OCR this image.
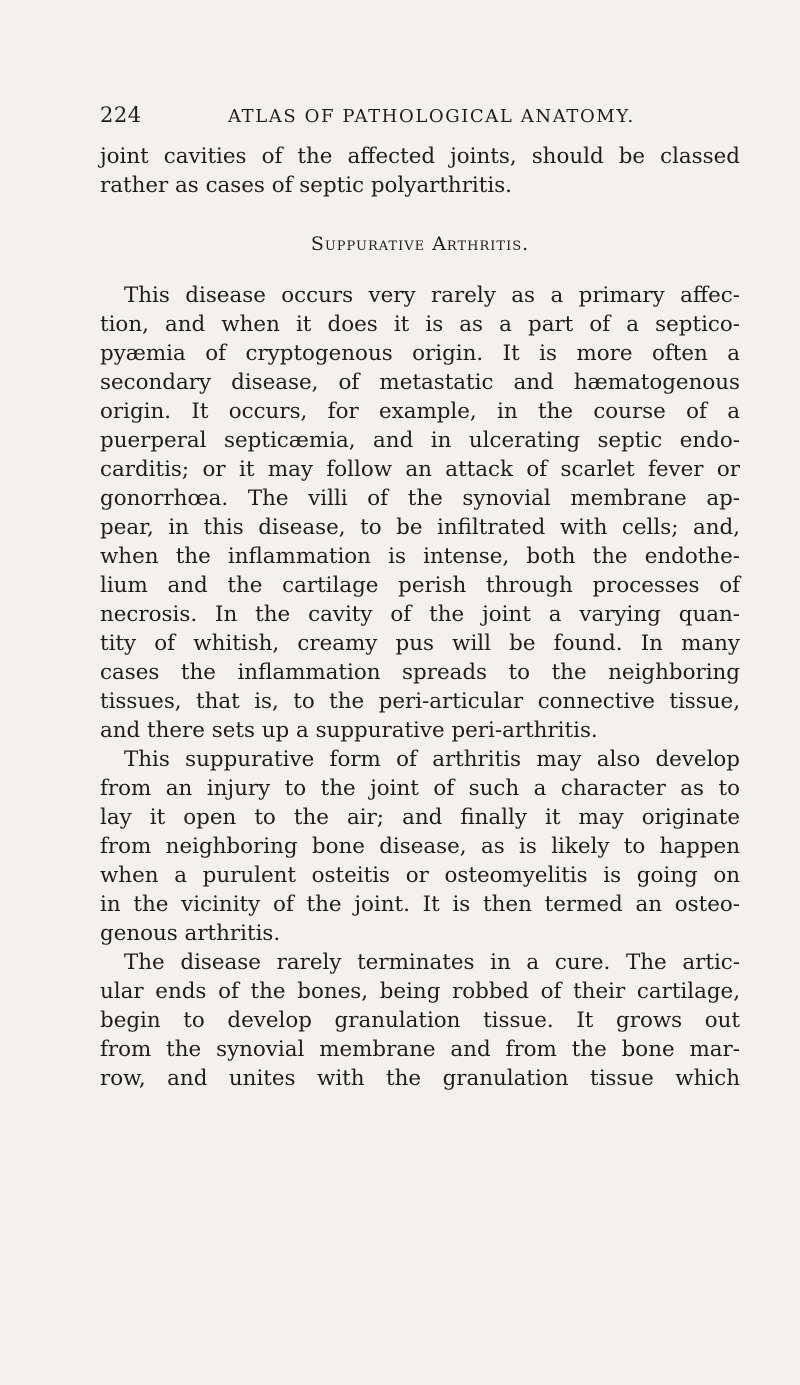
224	ATLAS OF PATHOLOGICAL ANATOMY.
joint cavities of the affected joints, should be classed
rather as cases of septic polyarthritis.
Suppurative Arthritis.
This disease occurs very rarely as a primary affec-
tion, and when it does it is as a part of a septico-
pyæmia of cryptogenous origin. It is more often a
secondary disease, of metastatic and hæmatogenous
origin. It occurs, for example, in the course of a
puerperal septicæmia, and in ulcerating septic endo-
carditis; or it may follow an attack of scarlet fever or
gonorrhœa. The villi of the synovial membrane ap-
pear, in this disease, to be infiltrated with cells; and,
when the inflammation is intense, both the endothe-
lium and the cartilage perish through processes of
necrosis. In the cavity of the joint a varying quan-
tity of whitish, creamy pus will be found. In many
cases the inflammation spreads to the neighboring
tissues, that is, to the peri-articular connective tissue,
and there sets up a suppurative peri-arthritis.
This suppurative form of arthritis may also develop
from an injury to the joint of such a character as to
lay it open to the air; and finally it may originate
from neighboring bone disease, as is likely to happen
when a purulent osteitis or osteomyelitis is going on
in the vicinity of the joint. It is then termed an osteo-
genous arthritis.
The disease rarely terminates in a cure. The artic-
ular ends of the bones, being robbed of their cartilage,
begin to develop granulation tissue. It grows out
from the synovial membrane and from the bone mar-
row, and unites with the granulation tissue which
